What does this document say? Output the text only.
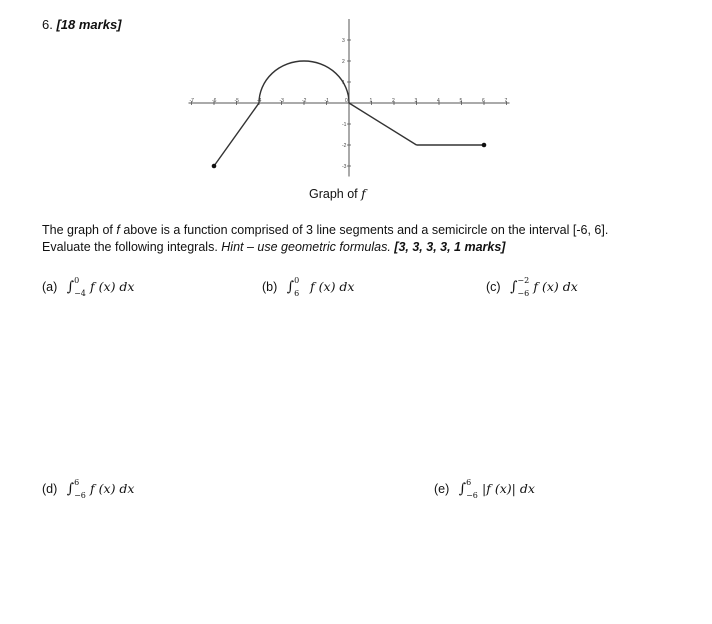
6. [18 marks]
-7	-6	-5	-4	-3	-2	-1	0	1	2	3	4	5	6	7
3
2
1
-1
-2
-3
Graph of f
The graph of f above is a function comprised of 3 line segments and a semicircle on the interval [-6, 6].
Evaluate the following integrals. Hint – use geometric formulas. [3, 3, 3, 3, 1 marks]
(a) ∫ 0
−4 f (x) dx	(b) ∫ 0
6 f (x) dx	(c) ∫ −2
−6 f (x) dx
(d) ∫ 6
−6 f (x) dx	(e) ∫ 6
−6 |f (x)| dx
